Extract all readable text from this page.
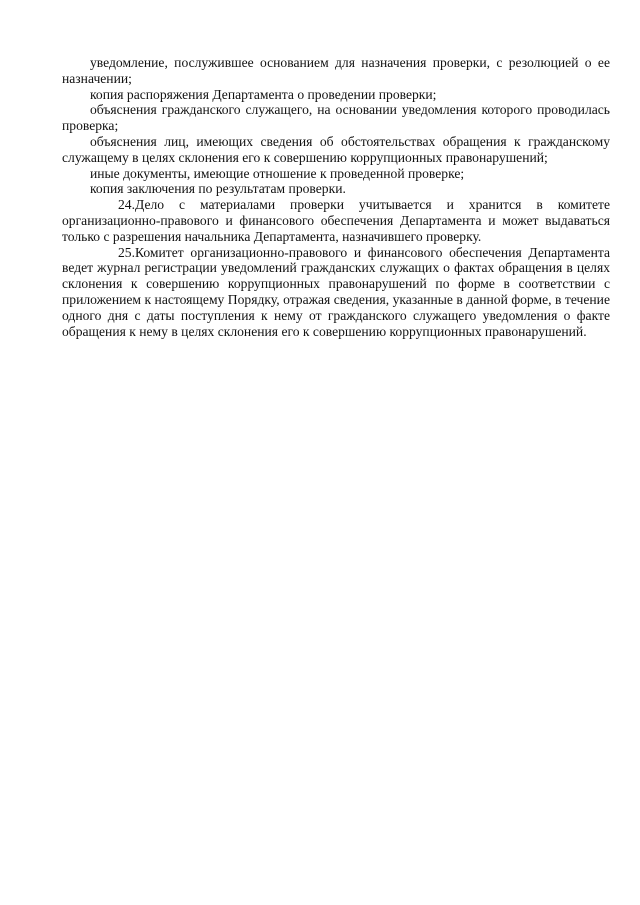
уведомление, послужившее основанием для назначения проверки, с резолюцией о ее назначении;

копия распоряжения Департамента о проведении проверки;

объяснения гражданского служащего, на основании уведомления которого проводилась проверка;

объяснения лиц, имеющих сведения об обстоятельствах обращения к гражданскому служащему в целях склонения его к совершению коррупционных правонарушений;

иные документы, имеющие отношение к проведенной проверке;

копия заключения по результатам проверки.

24.Дело с материалами проверки учитывается и хранится в комитете организационно-правового и финансового обеспечения Департамента и может выдаваться только с разрешения начальника Департамента, назначившего проверку.

25.Комитет организационно-правового и финансового обеспечения Департамента ведет журнал регистрации уведомлений гражданских служащих о фактах обращения в целях склонения к совершению коррупционных правонарушений по форме в соответствии с приложением к настоящему Порядку, отражая сведения, указанные в данной форме, в течение одного дня с даты поступления к нему от гражданского служащего уведомления о факте обращения к нему в целях склонения его к совершению коррупционных правонарушений.
